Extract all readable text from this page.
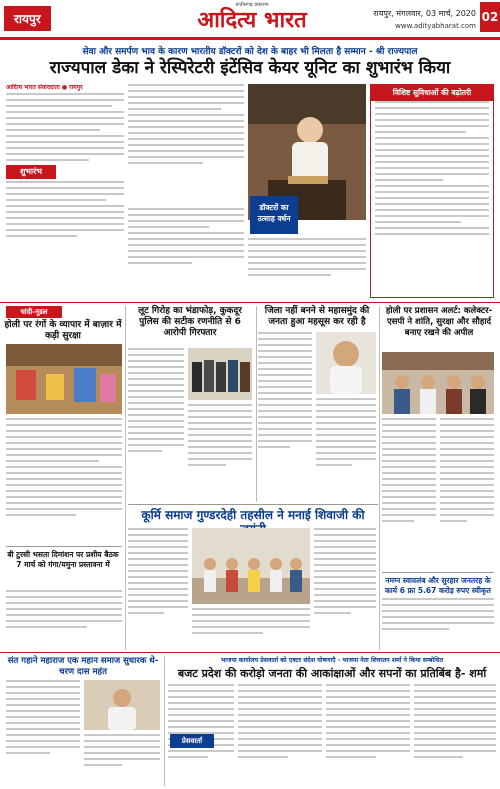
रायपुर
छत्तीसगढ़ प्रकाशन
आदित्य भारत	रायपुर, मंगलवार, 03 मार्च, 2020
www.adityabharat.com
02
सेवा और समर्पण भाव के कारण भारतीय डॉक्टरों को देश के बाहर भी मिलता है सम्मान - श्री राज्यपाल
राज्यपाल डेका ने रेस्पिरेटरी इंटेंसिव केयर यूनिट का शुभारंभ किया
आदित्य भारत संवाददाता ● रायपुर
शुभारंभ
डॉक्टरों का उत्साह वर्धन
विशिष्ट सुविधाओं की बढ़ोतरी
चांदी-नूडल
होली पर रंगों के व्यापार में बाज़ार में कड़ी सुरक्षा
बी टुरसी भसता दिमांशन पर प्रशीय बैठक 7 मार्च को गंगा/यमुना प्रस्तावना में
लूट गिरोह का भंडाफोड़, कुकदूर पुलिस की सटीक रणनीति से 6 आरोपी गिरफ्तार
जिला नहीं बनने से महासमुंद की जनता हुआ महसूस कर रही है
होली पर प्रशासन अलर्ट: कलेक्टर- एसपी ने शांति, सुरक्षा और सौहार्द बनाए रखने की अपील
कूर्मि समाज गुण्डरदेही तहसील ने मनाई शिवाजी की
नमग्न स्वावलंब और सुरहार जनतरह के कार्य 6 फ्रा 5.67 करोड़ रुपए स्वीकृत
संत गहाने महाराज एक महान समाज सुधारक थे- चरण दास महंत
भाजपा कार्यालय प्रेसवार्ता को एक्टर संदेश घोषणाएँ - भाजपा नेता शिवरतन शर्मा ने किया सम्बोधित
बजट प्रदेश की करोड़ो जनता की आकांक्षाओं और सपनों का प्रतिबिंब है- शर्मा
प्रेसवार्ता
